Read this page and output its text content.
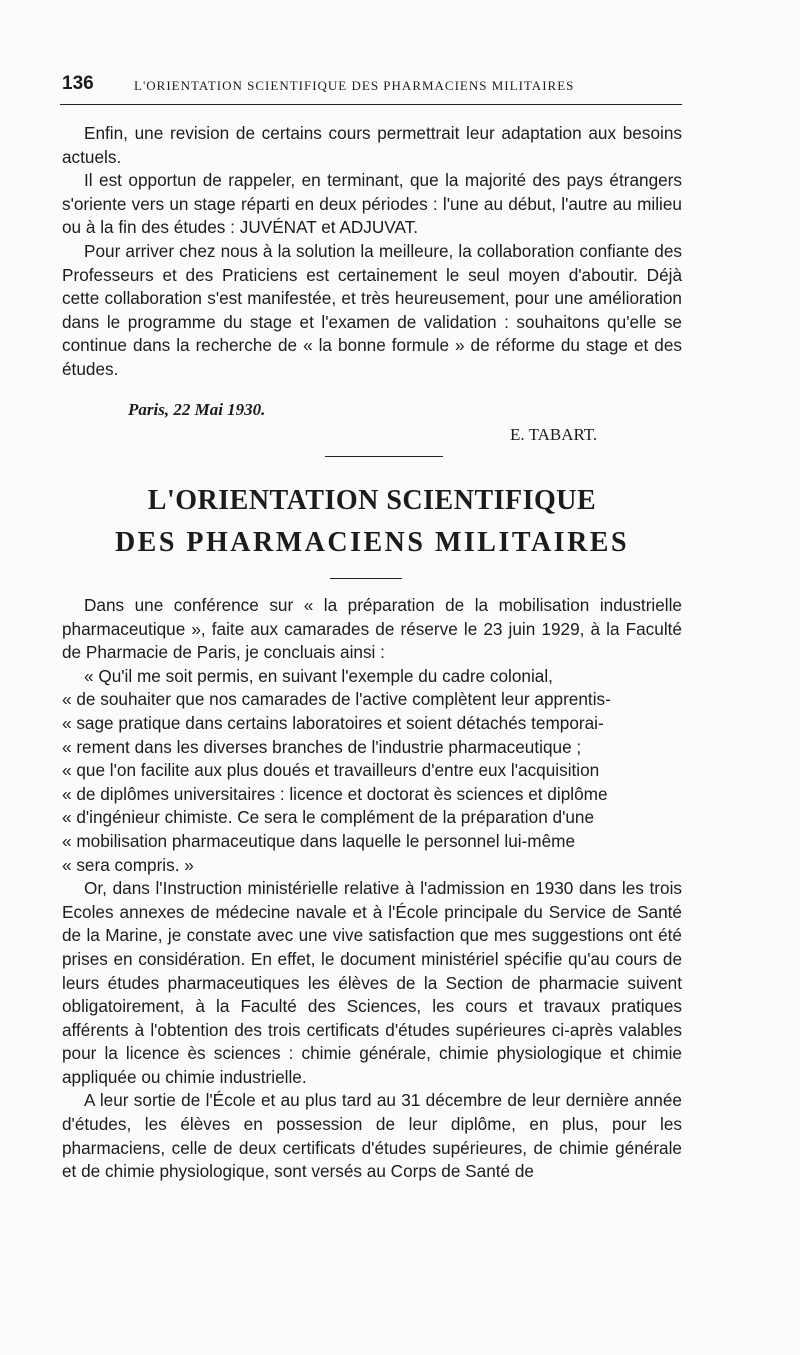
136	L'ORIENTATION SCIENTIFIQUE DES PHARMACIENS MILITAIRES

Enfin, une revision de certains cours permettrait leur adaptation aux besoins actuels.

Il est opportun de rappeler, en terminant, que la majorité des pays étrangers s'oriente vers un stage réparti en deux périodes : l'une au début, l'autre au milieu ou à la fin des études : JUVÉNAT et ADJUVAT.

Pour arriver chez nous à la solution la meilleure, la collaboration confiante des Professeurs et des Praticiens est certainement le seul moyen d'aboutir. Déjà cette collaboration s'est manifestée, et très heureusement, pour une amélioration dans le programme du stage et l'examen de validation : souhaitons qu'elle se continue dans la recherche de « la bonne formule » de réforme du stage et des études.

Paris, 22 Mai 1930.
E. TABART.
L'ORIENTATION SCIENTIFIQUE
DES PHARMACIENS MILITAIRES

Dans une conférence sur « la préparation de la mobilisation industrielle pharmaceutique », faite aux camarades de réserve le 23 juin 1929, à la Faculté de Pharmacie de Paris, je concluais ainsi :

« Qu'il me soit permis, en suivant l'exemple du cadre colonial,

« de souhaiter que nos camarades de l'active complètent leur apprentis-

« sage pratique dans certains laboratoires et soient détachés temporai-

« rement dans les diverses branches de l'industrie pharmaceutique ;

« que l'on facilite aux plus doués et travailleurs d'entre eux l'acquisition

« de diplômes universitaires : licence et doctorat ès sciences et diplôme

« d'ingénieur chimiste. Ce sera le complément de la préparation d'une

« mobilisation pharmaceutique dans laquelle le personnel lui-même

« sera compris. »

Or, dans l'Instruction ministérielle relative à l'admission en 1930 dans les trois Ecoles annexes de médecine navale et à l'École principale du Service de Santé de la Marine, je constate avec une vive satisfaction que mes suggestions ont été prises en considération. En effet, le document ministériel spécifie qu'au cours de leurs études pharmaceutiques les élèves de la Section de pharmacie suivent obligatoirement, à la Faculté des Sciences, les cours et travaux pratiques afférents à l'obtention des trois certificats d'études supérieures ci-après valables pour la licence ès sciences : chimie générale, chimie physiologique et chimie appliquée ou chimie industrielle.

A leur sortie de l'École et au plus tard au 31 décembre de leur dernière année d'études, les élèves en possession de leur diplôme, en plus, pour les pharmaciens, celle de deux certificats d'études supérieures, de chimie générale et de chimie physiologique, sont versés au Corps de Santé de
